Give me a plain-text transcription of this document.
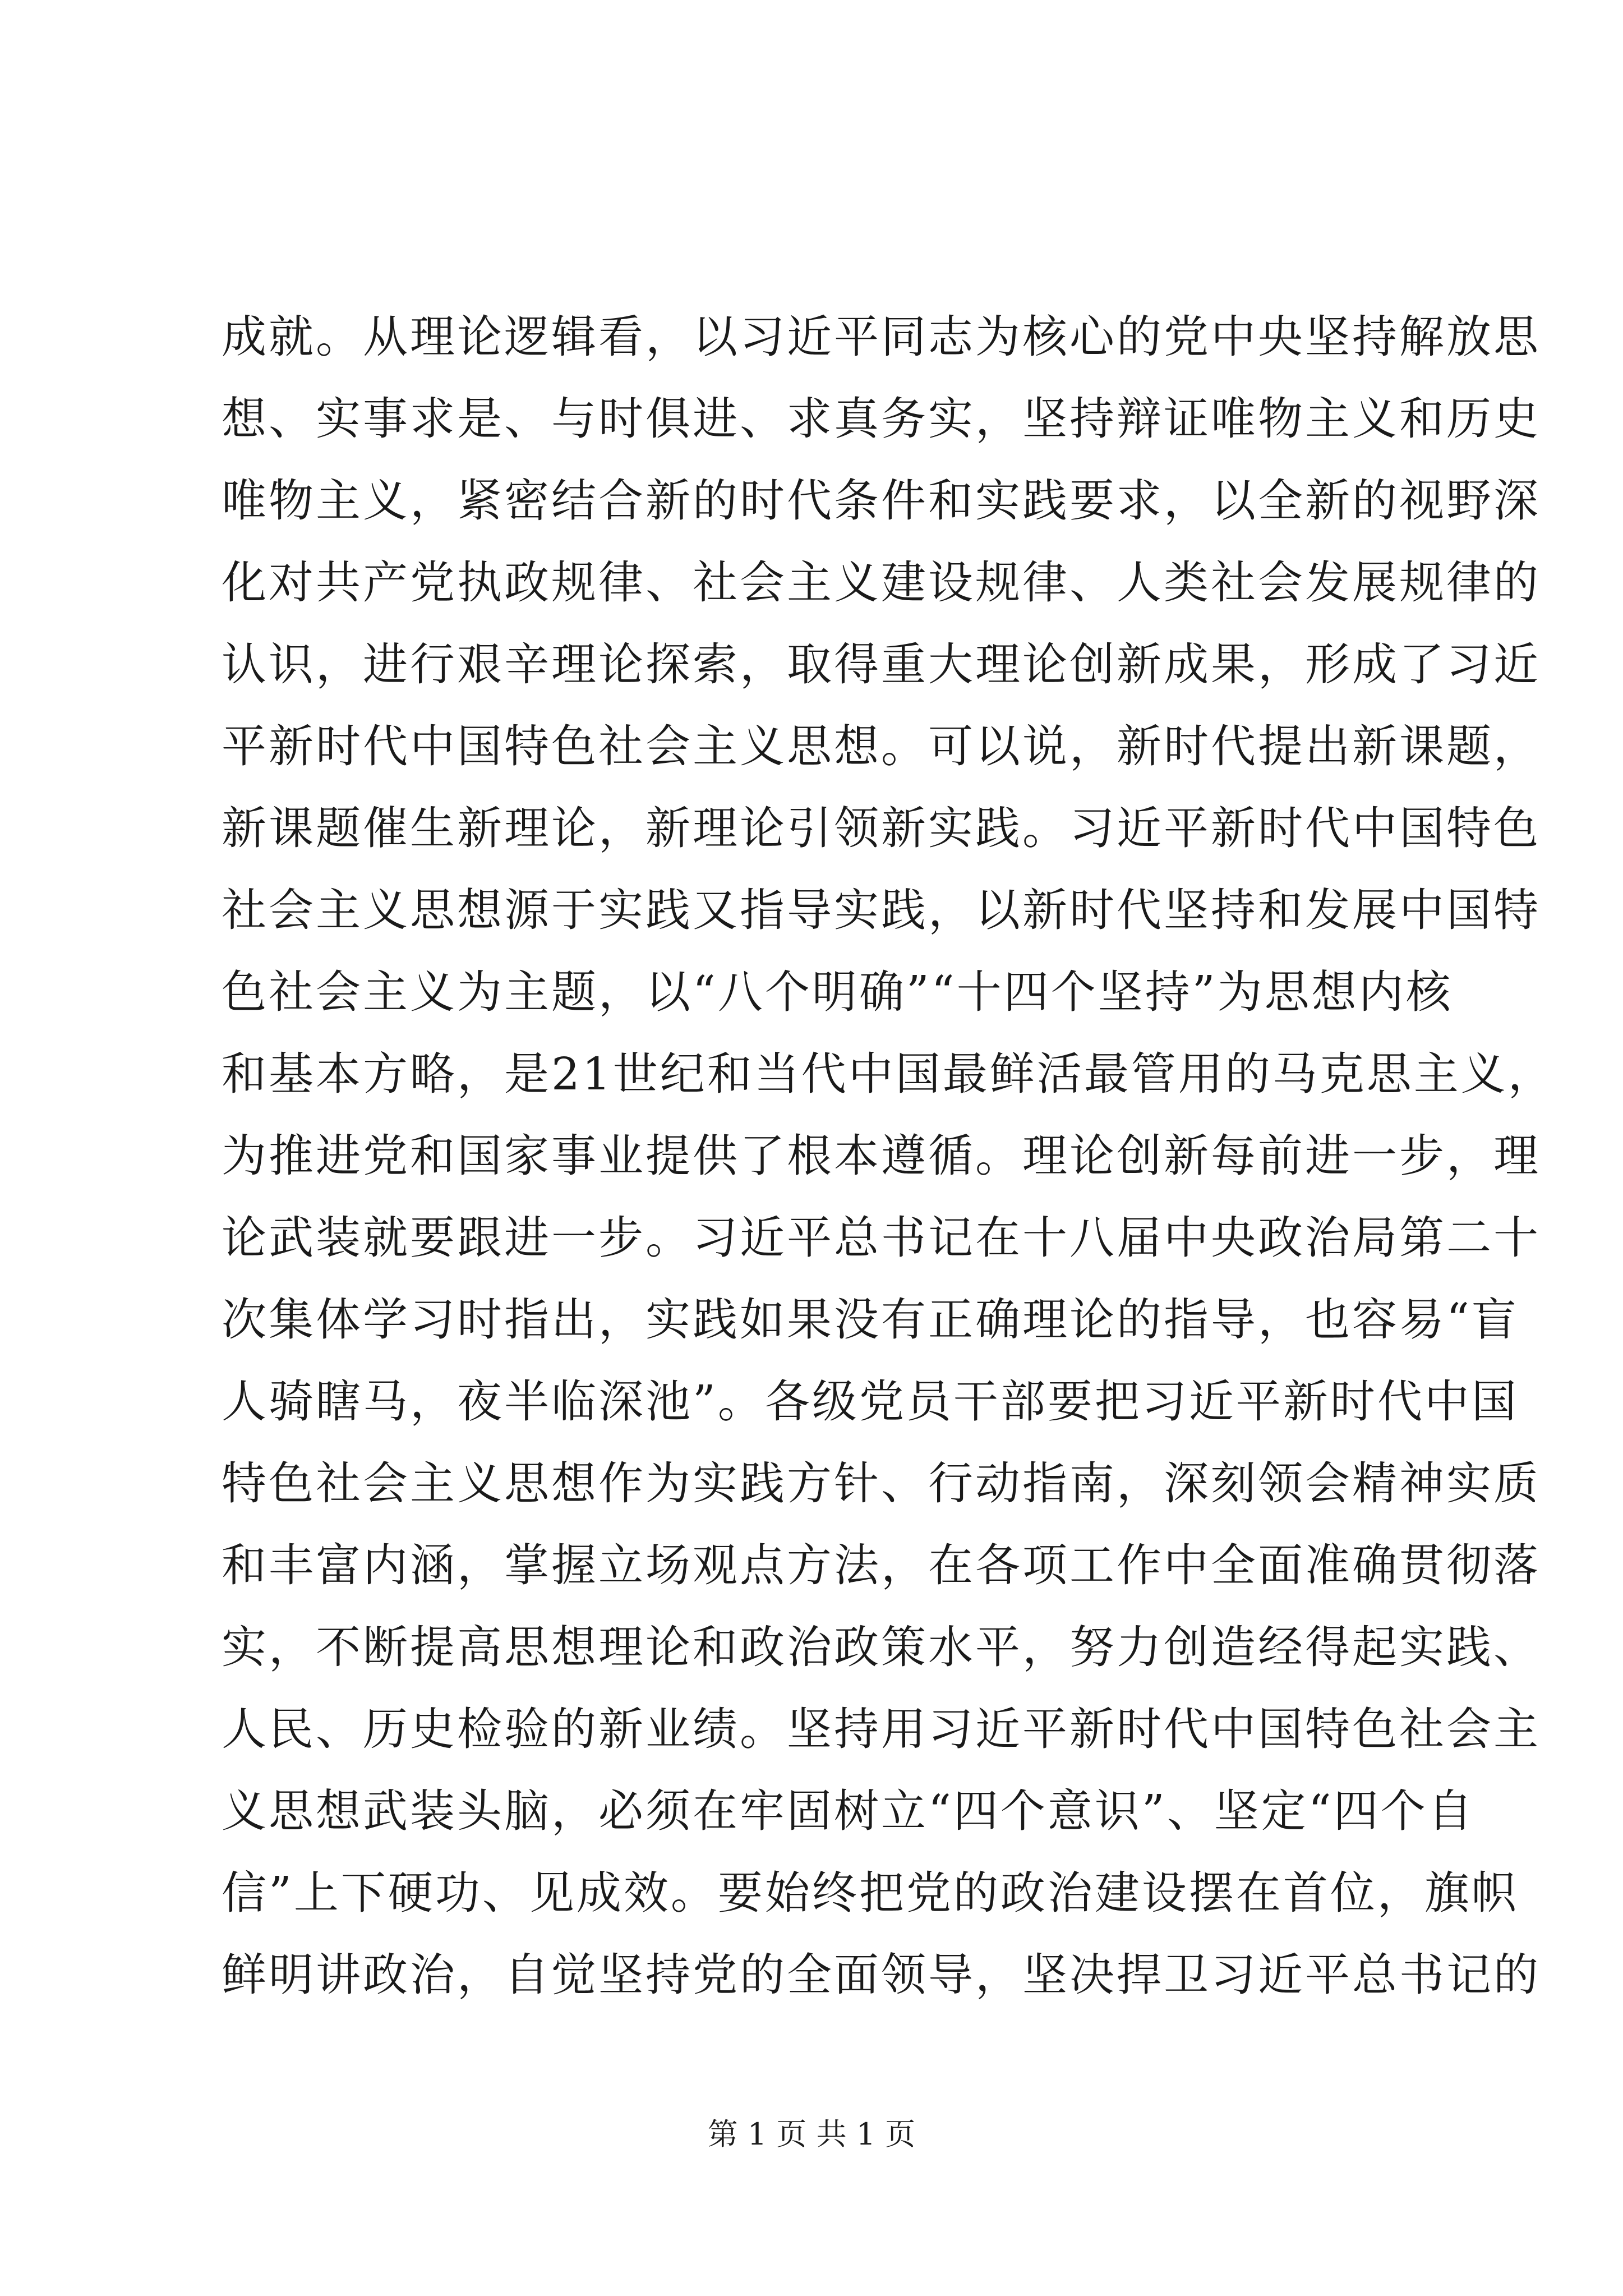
成就。从理论逻辑看，以习近平同志为核心的党中央坚持解放思
想、实事求是、与时俱进、求真务实，坚持辩证唯物主义和历史
唯物主义，紧密结合新的时代条件和实践要求，以全新的视野深
化对共产党执政规律、社会主义建设规律、人类社会发展规律的
认识，进行艰辛理论探索，取得重大理论创新成果，形成了习近
平新时代中国特色社会主义思想。可以说，新时代提出新课题，
新课题催生新理论，新理论引领新实践。习近平新时代中国特色
社会主义思想源于实践又指导实践，以新时代坚持和发展中国特
色社会主义为主题，以“八个明确”“十四个坚持”为思想内核
和基本方略，是21世纪和当代中国最鲜活最管用的马克思主义，
为推进党和国家事业提供了根本遵循。理论创新每前进一步，理
论武装就要跟进一步。习近平总书记在十八届中央政治局第二十
次集体学习时指出，实践如果没有正确理论的指导，也容易“盲
人骑瞎马，夜半临深池”。各级党员干部要把习近平新时代中国
特色社会主义思想作为实践方针、行动指南，深刻领会精神实质
和丰富内涵，掌握立场观点方法，在各项工作中全面准确贯彻落
实，不断提高思想理论和政治政策水平，努力创造经得起实践、
人民、历史检验的新业绩。坚持用习近平新时代中国特色社会主
义思想武装头脑，必须在牢固树立“四个意识”、坚定“四个自
信”上下硬功、见成效。要始终把党的政治建设摆在首位，旗帜
鲜明讲政治，自觉坚持党的全面领导，坚决捍卫习近平总书记的
第 1 页 共 1 页
